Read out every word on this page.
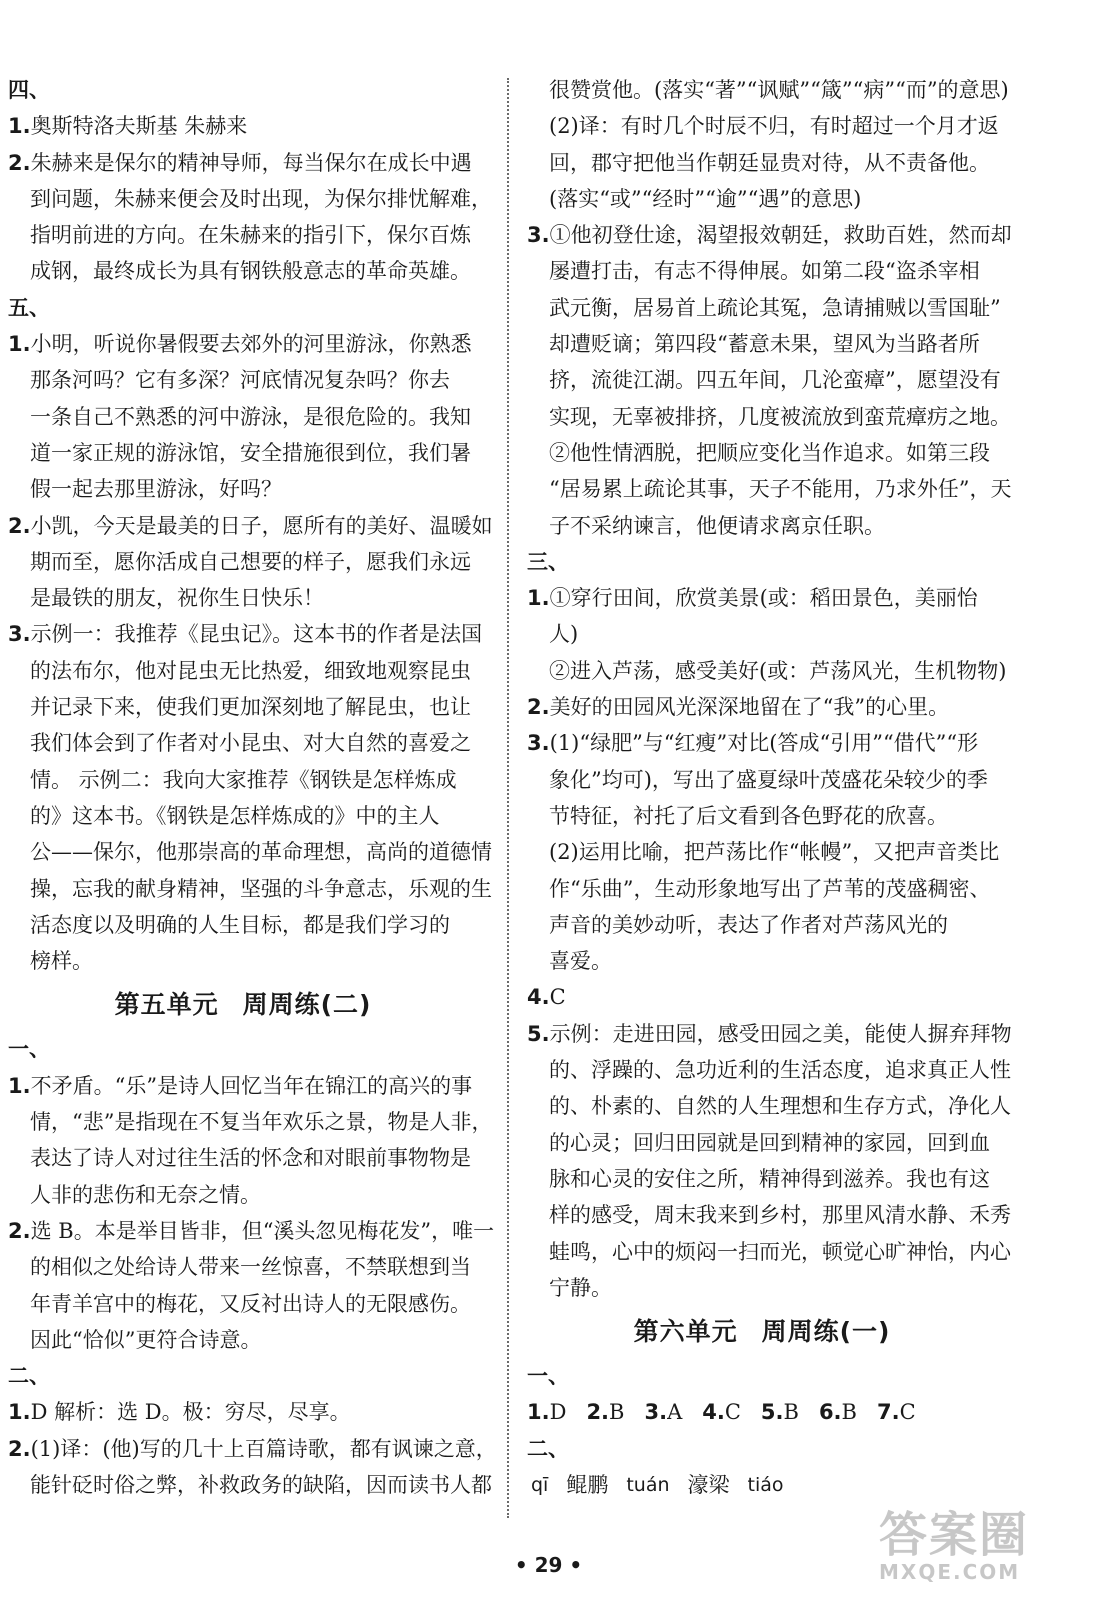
四、
1.奥斯特洛夫斯基 朱赫来
2.朱赫来是保尔的精神导师，每当保尔在成长中遇
到问题，朱赫来便会及时出现，为保尔排忧解难，
指明前进的方向。在朱赫来的指引下，保尔百炼
成钢，最终成长为具有钢铁般意志的革命英雄。
五、
1.小明，听说你暑假要去郊外的河里游泳，你熟悉
那条河吗？它有多深？河底情况复杂吗？你去
一条自己不熟悉的河中游泳，是很危险的。我知
道一家正规的游泳馆，安全措施很到位，我们暑
假一起去那里游泳，好吗？
2.小凯，今天是最美的日子，愿所有的美好、温暖如
期而至，愿你活成自己想要的样子，愿我们永远
是最铁的朋友，祝你生日快乐！
3.示例一：我推荐《昆虫记》。这本书的作者是法国
的法布尔，他对昆虫无比热爱，细致地观察昆虫
并记录下来，使我们更加深刻地了解昆虫，也让
我们体会到了作者对小昆虫、对大自然的喜爱之
情。 示例二：我向大家推荐《钢铁是怎样炼成
的》这本书。《钢铁是怎样炼成的》中的主人
公——保尔，他那崇高的革命理想，高尚的道德情
操，忘我的献身精神，坚强的斗争意志，乐观的生
活态度以及明确的人生目标，都是我们学习的
榜样。
第五单元 周周练(二)
一、
1.不矛盾。“乐”是诗人回忆当年在锦江的高兴的事
情，“悲”是指现在不复当年欢乐之景，物是人非，
表达了诗人对过往生活的怀念和对眼前事物物是
人非的悲伤和无奈之情。
2.选 B。本是举目皆非，但“溪头忽见梅花发”，唯一
的相似之处给诗人带来一丝惊喜，不禁联想到当
年青羊宫中的梅花，又反衬出诗人的无限感伤。
因此“恰似”更符合诗意。
二、
1.D 解析：选 D。极：穷尽，尽享。
2.(1)译：(他)写的几十上百篇诗歌，都有讽谏之意，
能针砭时俗之弊，补救政务的缺陷，因而读书人都
很赞赏他。(落实“著”“讽赋”“箴”“病”“而”的意思)
(2)译：有时几个时辰不归，有时超过一个月才返
回，郡守把他当作朝廷显贵对待，从不责备他。
(落实“或”“经时”“逾”“遇”的意思)
3.①他初登仕途，渴望报效朝廷，救助百姓，然而却
屡遭打击，有志不得伸展。如第二段“盗杀宰相
武元衡，居易首上疏论其冤，急请捕贼以雪国耻”
却遭贬谪；第四段“蓄意未果，望风为当路者所
挤，流徙江湖。四五年间，几沦蛮瘴”，愿望没有
实现，无辜被排挤，几度被流放到蛮荒瘴疠之地。
②他性情洒脱，把顺应变化当作追求。如第三段
“居易累上疏论其事，天子不能用，乃求外任”，天
子不采纳谏言，他便请求离京任职。
三、
1.①穿行田间，欣赏美景(或：稻田景色，美丽怡
人)
②进入芦荡，感受美好(或：芦荡风光，生机物物)
2.美好的田园风光深深地留在了“我”的心里。
3.(1)“绿肥”与“红瘦”对比(答成“引用”“借代”“形
象化”均可)，写出了盛夏绿叶茂盛花朵较少的季
节特征，衬托了后文看到各色野花的欣喜。
(2)运用比喻，把芦荡比作“帐幔”，又把声音类比
作“乐曲”，生动形象地写出了芦苇的茂盛稠密、
声音的美妙动听，表达了作者对芦荡风光的
喜爱。
4.C
5.示例：走进田园，感受田园之美，能使人摒弃拜物
的、浮躁的、急功近利的生活态度，追求真正人性
的、朴素的、自然的人生理想和生存方式，净化人
的心灵；回归田园就是回到精神的家园，回到血
脉和心灵的安住之所，精神得到滋养。我也有这
样的感受，周末我来到乡村，那里风清水静、禾秀
蛙鸣，心中的烦闷一扫而光，顿觉心旷神怡，内心
宁静。
第六单元 周周练(一)
一、
1.D 2.B 3.A 4.C 5.B 6.B 7.C
二、
qī 鲲鹏 tuán 濠梁 tiáo
• 29 •
答案圈
MXQE.COM
